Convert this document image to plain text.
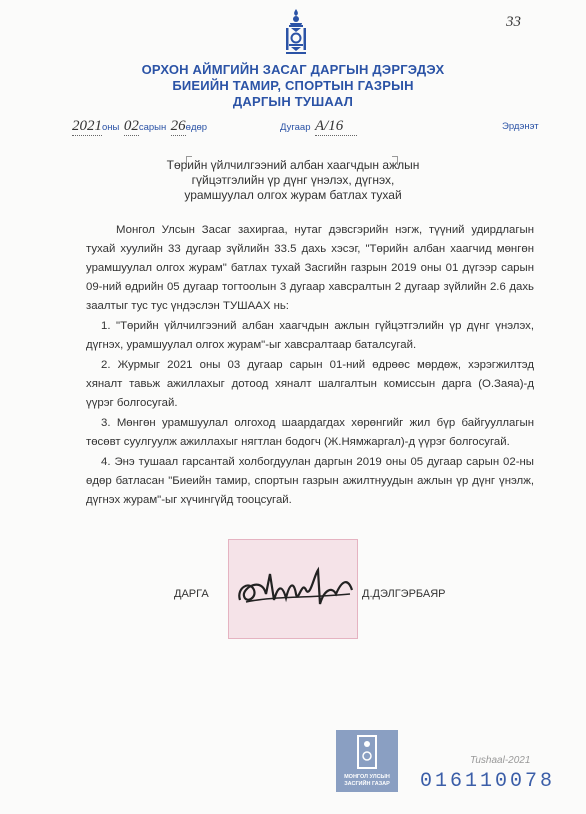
33
ОРХОН АЙМГИЙН ЗАСАГ ДАРГЫН ДЭРГЭДЭХ
БИЕИЙН ТАМИР, СПОРТЫН ГАЗРЫН
ДАРГЫН ТУШААЛ
2021оны 02сарын 26өдөр	Дугаар А/16	Эрдэнэт
Төрийн үйлчилгээний албан хаагчдын ажлын
гүйцэтгэлийн үр дүнг үнэлэх, дүгнэх,
урамшуулал олгох журам батлах тухай

Монгол Улсын Засаг захиргаа, нутаг дэвсгэрийн нэгж, түүний удирдлагын тухай хуулийн 33 дугаар зүйлийн 33.5 дахь хэсэг, "Төрийн албан хаагчид мөнгөн урамшуулал олгох журам" батлах тухай Засгийн газрын 2019 оны 01 дүгээр сарын 09-ний өдрийн 05 дугаар тогтоолын 3 дугаар хавсралтын 2 дугаар зүйлийн 2.6 дахь заалтыг тус тус үндэслэн ТУШААХ нь:

1. "Төрийн үйлчилгээний албан хаагчдын ажлын гүйцэтгэлийн үр дүнг үнэлэх, дүгнэх, урамшуулал олгох журам"-ыг хавсралтаар баталсугай.

2. Журмыг 2021 оны 03 дугаар сарын 01-ний өдрөөс мөрдөж, хэрэгжилтэд хяналт тавьж ажиллахыг дотоод хяналт шалгалтын комиссын дарга (О.Заяа)-д үүрэг болгосугай.

3. Мөнгөн урамшуулал олгоход шаардагдах хөрөнгийг жил бүр байгууллагын төсөвт суулгуулж ажиллахыг нягтлан бодогч (Ж.Нямжаргал)-д үүрэг болгосугай.

4. Энэ тушаал гарсантай холбогдуулан даргын 2019 оны 05 дугаар сарын 02-ны өдөр батласан "Биеийн тамир, спортын газрын ажилтнуудын ажлын үр дүнг үнэлж, дүгнэх журам"-ыг хүчингүйд тооцсугай.

ДАРГА	Д.ДЭЛГЭРБАЯР
МОНГОЛ УЛСЫН ЗАСГИЙН ГАЗАР
Tushaal-2021
016110078
